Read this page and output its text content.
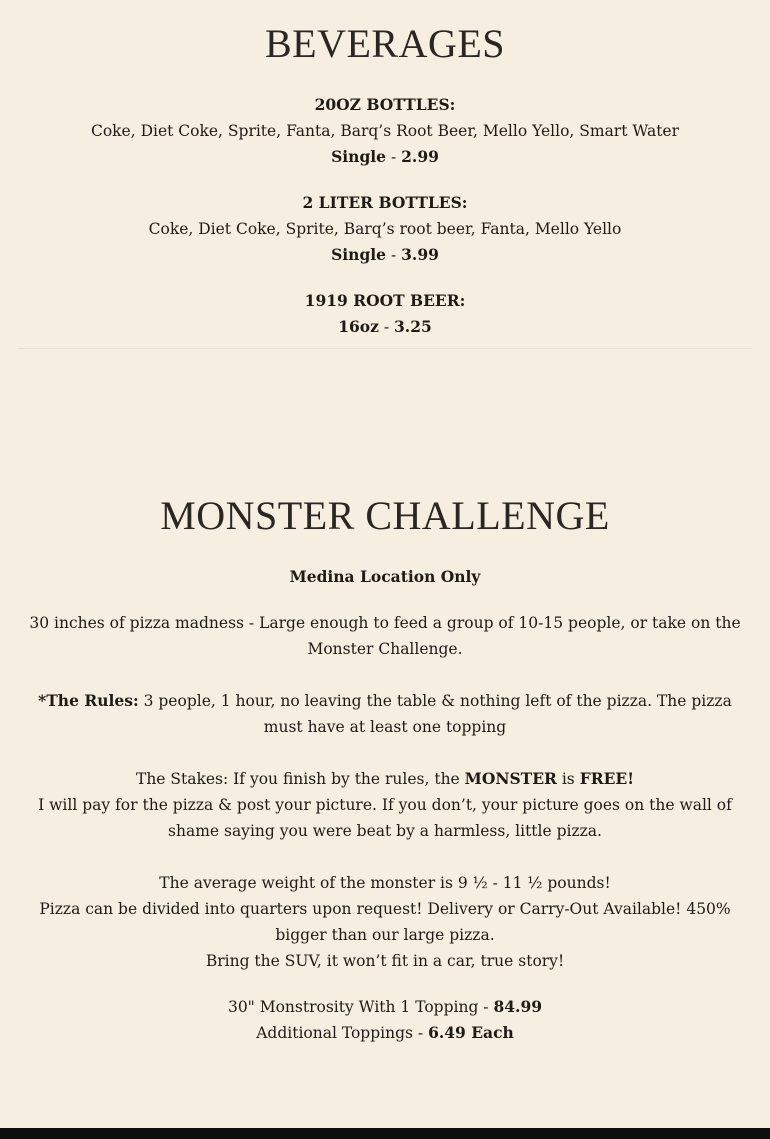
BEVERAGES
20OZ BOTTLES:
Coke, Diet Coke, Sprite, Fanta, Barq’s Root Beer, Mello Yello, Smart Water
Single - 2.99
2 LITER BOTTLES:
Coke, Diet Coke, Sprite, Barq’s root beer, Fanta, Mello Yello
Single - 3.99
1919 ROOT BEER:
16oz - 3.25
MONSTER CHALLENGE

Medina Location Only

30 inches of pizza madness - Large enough to feed a group of 10-15 people, or take on the Monster Challenge.

*The Rules: 3 people, 1 hour, no leaving the table & nothing left of the pizza. The pizza must have at least one topping

The Stakes: If you finish by the rules, the MONSTER is FREE!

I will pay for the pizza & post your picture. If you don’t, your picture goes on the wall of shame saying you were beat by a harmless, little pizza.

The average weight of the monster is 9 ½ - 11 ½ pounds!

Pizza can be divided into quarters upon request! Delivery or Carry-Out Available! 450% bigger than our large pizza.

Bring the SUV, it won’t fit in a car, true story!

30" Monstrosity With 1 Topping - 84.99

Additional Toppings - 6.49 Each
